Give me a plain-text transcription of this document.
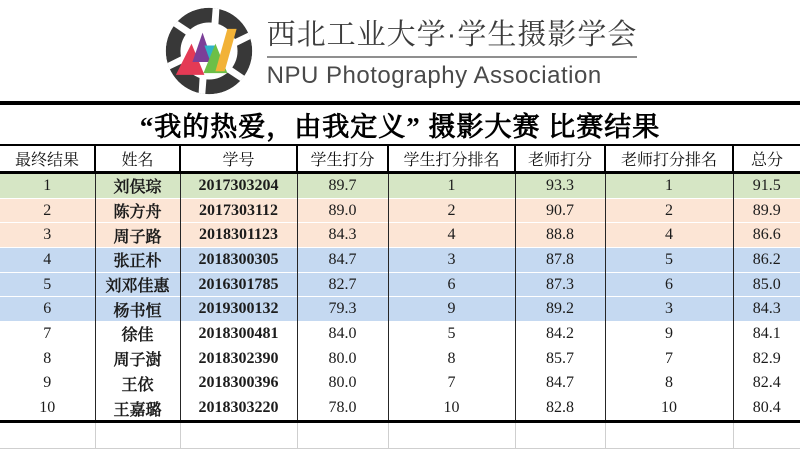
西北工业大学·学生摄影学会
NPU Photography Association
“我的热爱，由我定义” 摄影大赛 比赛结果							
最终结果	姓名	学号	学生打分	学生打分排名	老师打分	老师打分排名	总分
1	刘俣琮	2017303204	89.7	1	93.3	1	91.5
2	陈方舟	2017303112	89.0	2	90.7	2	89.9
3	周子路	2018301123	84.3	4	88.8	4	86.6
4	张正朴	2018300305	84.7	3	87.8	5	86.2
5	刘邓佳惠	2016301785	82.7	6	87.3	6	85.0
6	杨书恒	2019300132	79.3	9	89.2	3	84.3
7	徐佳	2018300481	84.0	5	84.2	9	84.1
8	周子澍	2018302390	80.0	8	85.7	7	82.9
9	王依	2018300396	80.0	7	84.7	8	82.4
10	王嘉璐	2018303220	78.0	10	82.8	10	80.4
